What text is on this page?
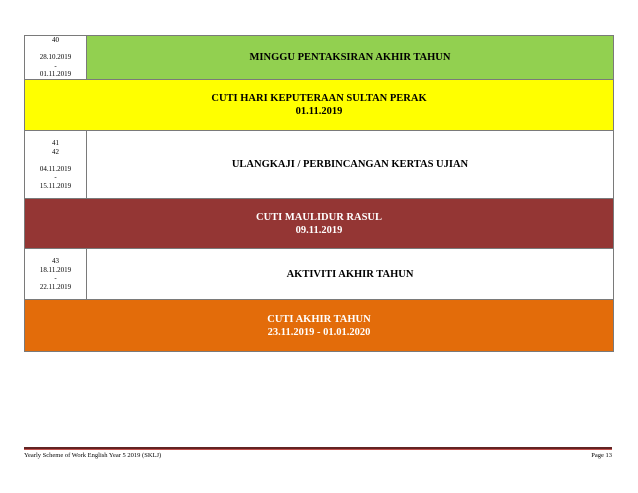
40

28.10.2019
-
01.11.2019
MINGGU PENTAKSIRAN AKHIR TAHUN
CUTI HARI KEPUTERAAN SULTAN PERAK
01.11.2019
41
42

04.11.2019
-
15.11.2019
ULANGKAJI / PERBINCANGAN KERTAS UJIAN
CUTI MAULIDUR RASUL
09.11.2019
43
18.11.2019
-
22.11.2019
AKTIVITI AKHIR TAHUN
CUTI AKHIR TAHUN
23.11.2019 - 01.01.2020
Yearly Scheme of Work English Year 5 2019 (SKLJ)	Page 13
